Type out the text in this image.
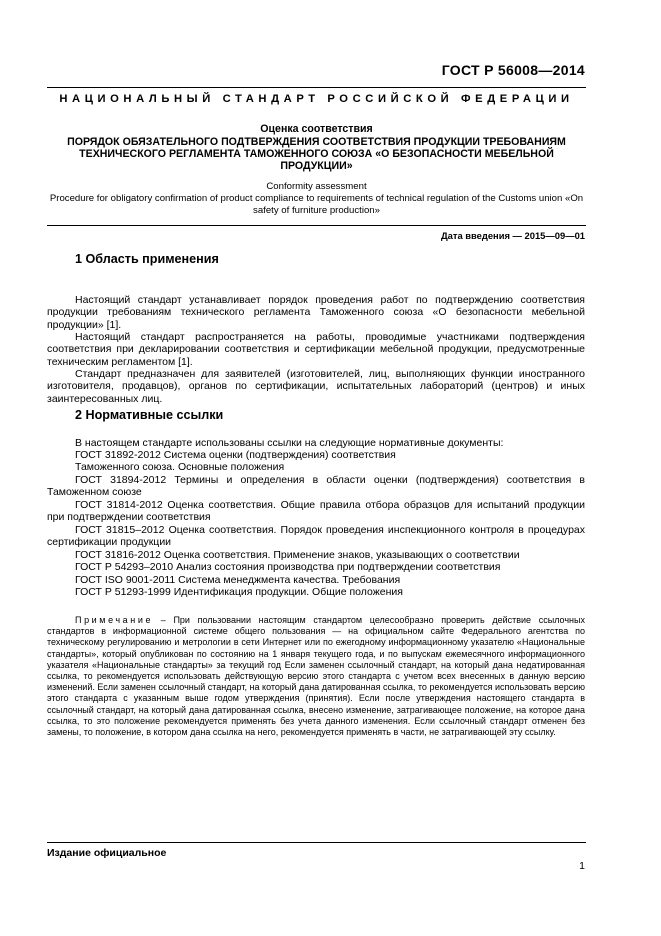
ГОСТ Р 56008—2014
НАЦИОНАЛЬНЫЙ СТАНДАРТ РОССИЙСКОЙ ФЕДЕРАЦИИ
Оценка соответствия
ПОРЯДОК ОБЯЗАТЕЛЬНОГО ПОДТВЕРЖДЕНИЯ СООТВЕТСТВИЯ ПРОДУКЦИИ ТРЕБОВАНИЯМ ТЕХНИЧЕСКОГО РЕГЛАМЕНТА ТАМОЖЕННОГО СОЮЗА «О БЕЗОПАСНОСТИ МЕБЕЛЬНОЙ ПРОДУКЦИИ»
Conformity assessment
Procedure for obligatory confirmation of product compliance to requirements of technical regulation of the Customs union «On safety of furniture production»
Дата введения — 2015—09—01
1 Область применения
Настоящий стандарт устанавливает порядок проведения работ по подтверждению соответствия продукции требованиям технического регламента Таможенного союза «О безопасности мебельной продукции» [1].
Настоящий стандарт распространяется на работы, проводимые участниками подтверждения соответствия при декларировании соответствия и сертификации мебельной продукции, предусмотренные техническим регламентом [1].
Стандарт предназначен для заявителей (изготовителей, лиц, выполняющих функции иностранного изготовителя, продавцов), органов по сертификации, испытательных лабораторий (центров) и иных заинтересованных лиц.
2 Нормативные ссылки
В настоящем стандарте использованы ссылки на следующие нормативные документы:
ГОСТ 31892-2012 Система оценки (подтверждения) соответствия
Таможенного союза. Основные положения
ГОСТ 31894-2012 Термины и определения в области оценки (подтверждения) соответствия в Таможенном союзе
ГОСТ 31814-2012 Оценка соответствия. Общие правила отбора образцов для испытаний продукции при подтверждении соответствия
ГОСТ 31815–2012 Оценка соответствия. Порядок проведения инспекционного контроля в процедурах сертификации продукции
ГОСТ 31816-2012 Оценка соответствия. Применение знаков, указывающих о соответствии
ГОСТ Р 54293–2010 Анализ состояния производства при подтверждении соответствия
ГОСТ ISO 9001-2011 Система менеджмента качества. Требования
ГОСТ Р 51293-1999 Идентификация продукции. Общие положения
Примечание – При пользовании настоящим стандартом целесообразно проверить действие ссылочных стандартов в информационной системе общего пользования — на официальном сайте Федерального агентства по техническому регулированию и метрологии в сети Интернет или по ежегодному информационному указателю «Национальные стандарты», который опубликован по состоянию на 1 января текущего года, и по выпускам ежемесячного информационного указателя «Национальные стандарты» за текущий год Если заменен ссылочный стандарт, на который дана недатированная ссылка, то рекомендуется использовать действующую версию этого стандарта с учетом всех внесенных в данную версию изменений. Если заменен ссылочный стандарт, на который дана датированная ссылка, то рекомендуется использовать версию этого стандарта с указанным выше годом утверждения (принятия). Если после утверждения настоящего стандарта в ссылочный стандарт, на который дана датированная ссылка, внесено изменение, затрагивающее положение, на которое дана ссылка, то это положение рекомендуется применять без учета данного изменения. Если ссылочный стандарт отменен без замены, то положение, в котором дана ссылка на него, рекомендуется применять в части, не затрагивающей эту ссылку.
Издание официальное
1
